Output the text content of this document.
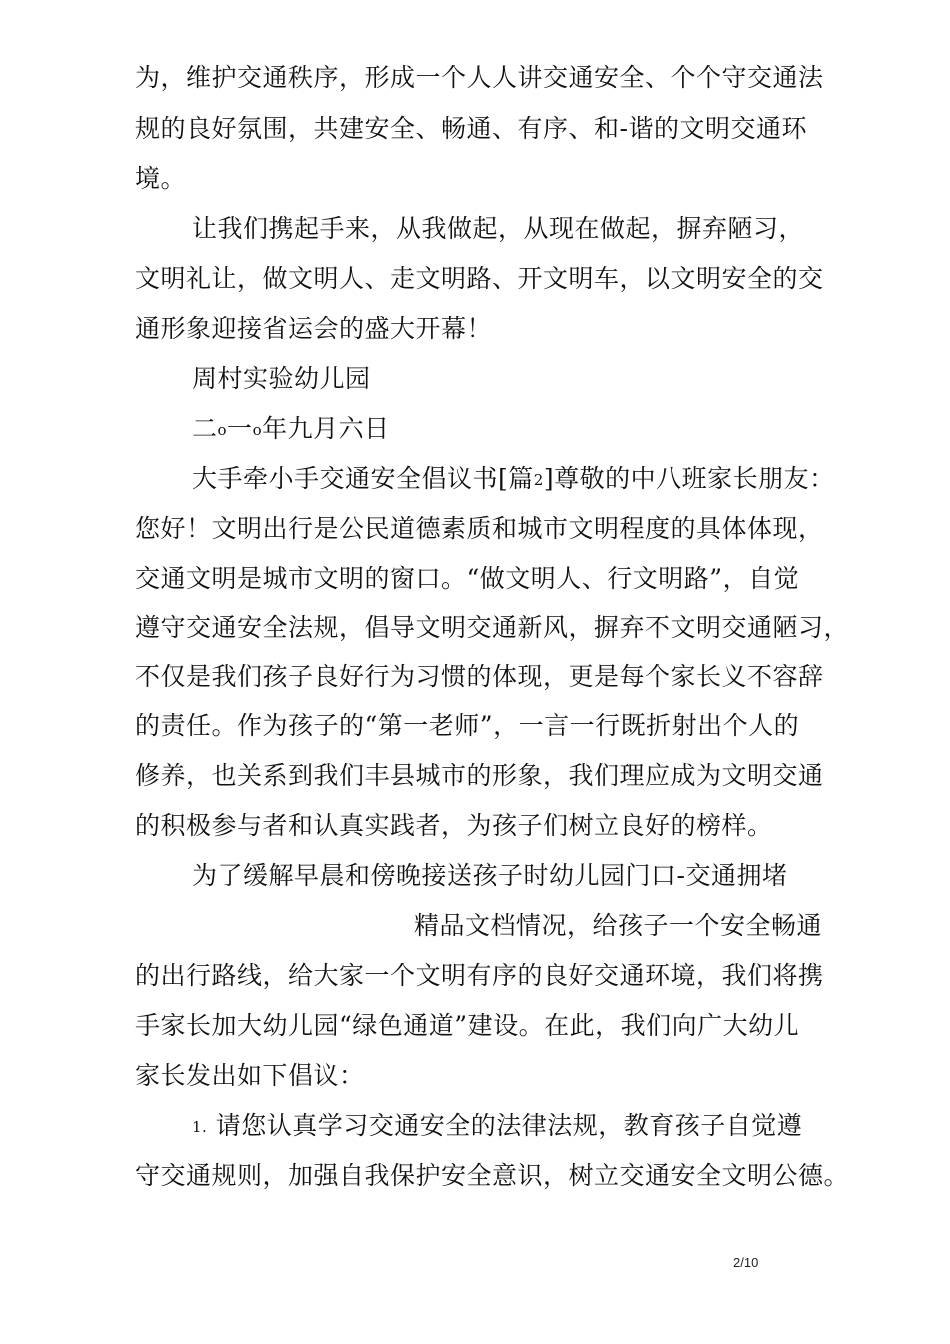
为，维护交通秩序，形成一个人人讲交通安全、个个守交通法
规的良好氛围，共建安全、畅通、有序、和-谐的文明交通环
境。
让我们携起手来，从我做起，从现在做起，摒弃陋习，
文明礼让，做文明人、走文明路、开文明车，以文明安全的交
通形象迎接省运会的盛大开幕！
周村实验幼儿园
二o一o年九月六日
大手牵小手交通安全倡议书[篇2]尊敬的中八班家长朋友：
您好！文明出行是公民道德素质和城市文明程度的具体体现，
交通文明是城市文明的窗口。“做文明人、行文明路”，自觉
遵守交通安全法规，倡导文明交通新风，摒弃不文明交通陋习，
不仅是我们孩子良好行为习惯的体现，更是每个家长义不容辞
的责任。作为孩子的“第一老师”，一言一行既折射出个人的
修养，也关系到我们丰县城市的形象，我们理应成为文明交通
的积极参与者和认真实践者，为孩子们树立良好的榜样。
为了缓解早晨和傍晚接送孩子时幼儿园门口-交通拥堵
精品文档情况，给孩子一个安全畅通
的出行路线，给大家一个文明有序的良好交通环境，我们将携
手家长加大幼儿园“绿色通道”建设。在此，我们向广大幼儿
家长发出如下倡议：
1. 请您认真学习交通安全的法律法规，教育孩子自觉遵
守交通规则，加强自我保护安全意识，树立交通安全文明公德。
2/10
